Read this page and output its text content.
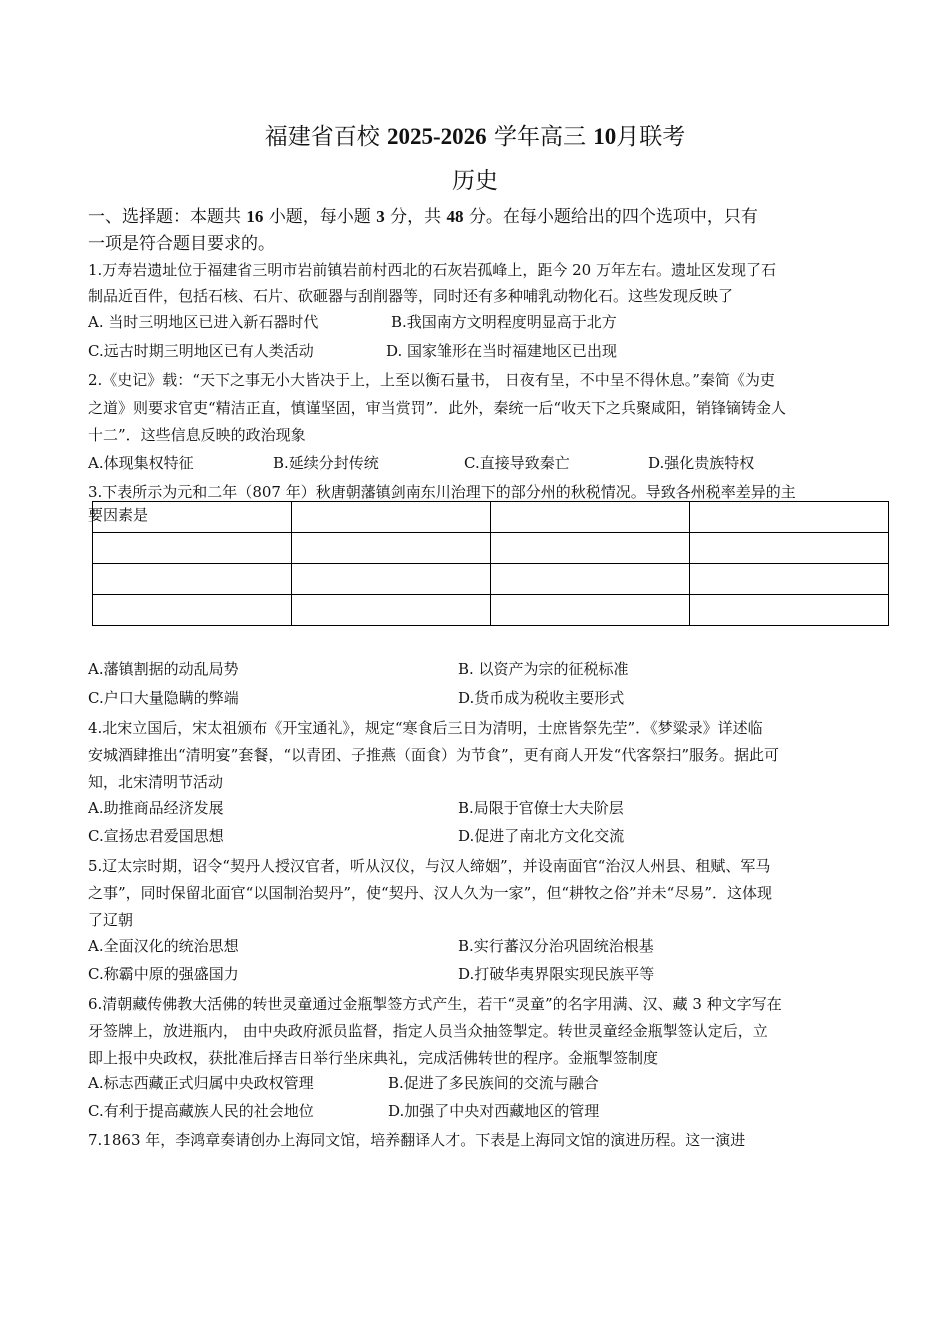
福建省百校 2025-2026 学年高三 10月联考
历史
一、选择题：本题共 16 小题，每小题 3 分，共 48 分。在每小题给出的四个选项中，只有
一项是符合题目要求的。
1.万寿岩遗址位于福建省三明市岩前镇岩前村西北的石灰岩孤峰上，距今 20 万年左右。遗址区发现了石
制品近百件，包括石核、石片、砍砸器与刮削器等，同时还有多种哺乳动物化石。这些发现反映了
A. 当时三明地区已进入新石器时代	B.我国南方文明程度明显高于北方
C.远古时期三明地区已有人类活动	D. 国家雏形在当时福建地区已出现
2.《史记》载：“天下之事无小大皆决于上，上至以衡石量书， 日夜有呈，不中呈不得休息。”秦简《为吏
之道》则要求官吏“精洁正直，慎谨坚固，审当赏罚”．此外，秦统一后“收天下之兵聚咸阳，销锋镝铸金人
十二”．这些信息反映的政治现象
A.体现集权特征	B.延续分封传统	C.直接导致秦亡	D.强化贵族特权
3.下表所示为元和二年（807 年）秋唐朝藩镇剑南东川治理下的部分州的秋税情况。导致各州税率差异的主
要因素是

A.藩镇割据的动乱局势	B. 以资产为宗的征税标准
C.户口大量隐瞒的弊端	D.货币成为税收主要形式
4.北宋立国后，宋太祖颁布《开宝通礼》，规定“寒食后三日为清明，士庶皆祭先茔”．《梦粱录》详述临
安城酒肆推出“清明宴”套餐，“以青团、子推燕（面食）为节食”，更有商人开发“代客祭扫”服务。据此可
知，北宋清明节活动
A.助推商品经济发展	B.局限于官僚士大夫阶层
C.宣扬忠君爱国思想	D.促进了南北方文化交流
5.辽太宗时期，诏令“契丹人授汉官者，听从汉仪，与汉人缔姻”，并设南面官“治汉人州县、租赋、军马
之事”，同时保留北面官“以国制治契丹”，使“契丹、汉人久为一家”，但“耕牧之俗”并未“尽易”．这体现
了辽朝
A.全面汉化的统治思想	B.实行蕃汉分治巩固统治根基
C.称霸中原的强盛国力	D.打破华夷界限实现民族平等
6.清朝藏传佛教大活佛的转世灵童通过金瓶掣签方式产生，若干“灵童”的名字用满、汉、藏 3 种文字写在
牙签牌上，放进瓶内， 由中央政府派员监督，指定人员当众抽签掣定。转世灵童经金瓶掣签认定后，立
即上报中央政权，获批准后择吉日举行坐床典礼，完成活佛转世的程序。金瓶掣签制度
A.标志西藏正式归属中央政权管理	B.促进了多民族间的交流与融合
C.有利于提高藏族人民的社会地位	D.加强了中央对西藏地区的管理
7.1863 年，李鸿章奏请创办上海同文馆，培养翻译人才。下表是上海同文馆的演进历程。这一演进
